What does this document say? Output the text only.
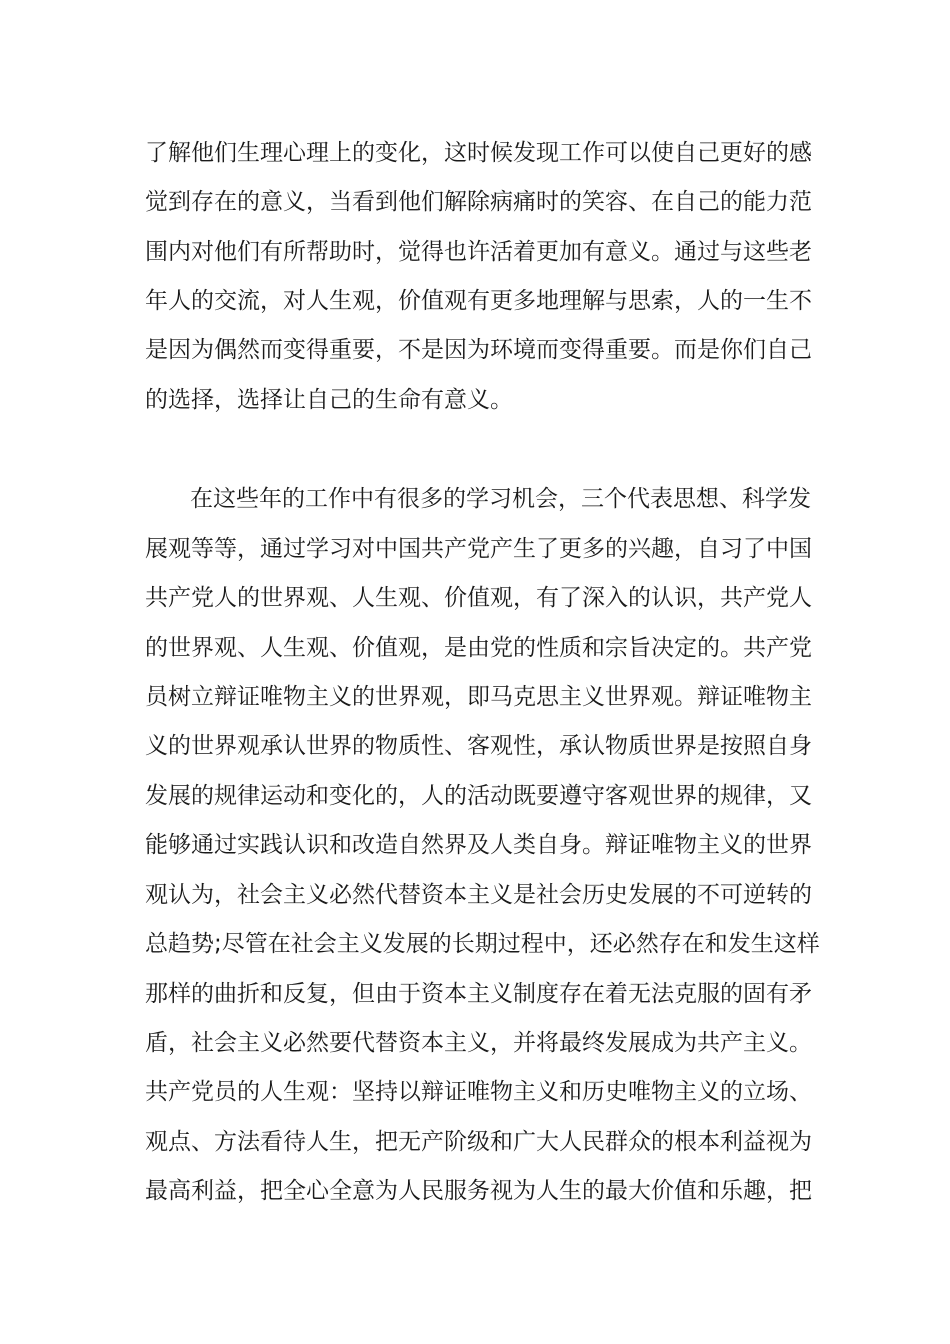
了解他们生理心理上的变化，这时候发现工作可以使自己更好的感
觉到存在的意义，当看到他们解除病痛时的笑容、在自己的能力范
围内对他们有所帮助时，觉得也许活着更加有意义。通过与这些老
年人的交流，对人生观，价值观有更多地理解与思索，人的一生不
是因为偶然而变得重要，不是因为环境而变得重要。而是你们自己
的选择，选择让自己的生命有意义。
在这些年的工作中有很多的学习机会，三个代表思想、科学发
展观等等，通过学习对中国共产党产生了更多的兴趣，自习了中国
共产党人的世界观、人生观、价值观，有了深入的认识，共产党人
的世界观、人生观、价值观，是由党的性质和宗旨决定的。共产党
员树立辩证唯物主义的世界观，即马克思主义世界观。辩证唯物主
义的世界观承认世界的物质性、客观性，承认物质世界是按照自身
发展的规律运动和变化的，人的活动既要遵守客观世界的规律，又
能够通过实践认识和改造自然界及人类自身。辩证唯物主义的世界
观认为，社会主义必然代替资本主义是社会历史发展的不可逆转的
总趋势;尽管在社会主义发展的长期过程中，还必然存在和发生这样
那样的曲折和反复，但由于资本主义制度存在着无法克服的固有矛
盾，社会主义必然要代替资本主义，并将最终发展成为共产主义。
共产党员的人生观：坚持以辩证唯物主义和历史唯物主义的立场、
观点、方法看待人生，把无产阶级和广大人民群众的根本利益视为
最高利益，把全心全意为人民服务视为人生的最大价值和乐趣，把
